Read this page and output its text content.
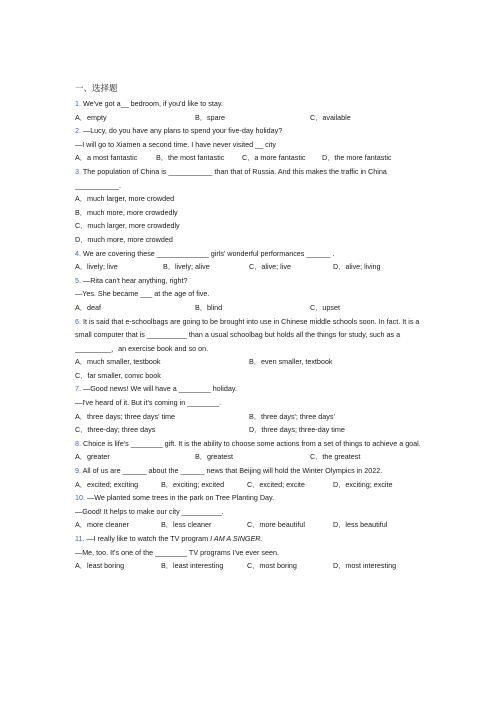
一、选择题
1. We've got a__ bedroom, if you'd like to stay.
A．empty	B．spare	C．available
2. —Lucy, do you have any plans to spend your five-day holiday?
—I will go to Xiamen a second time. I have never visited __ city
A．a most fantastic	B．the most fantastic	C．a more fantastic	D．the more fantastic
3. The population of China is ___________ than that of Russia. And this makes the traffic in China ___________.
A．much larger, more crowded
B．much more, more crowdedly
C．much larger, more crowdedly
D．much more, more crowded
4. We are covering these _____________ girls' wonderful performances ______ .
A．lively; live	B．lively; alive	C．alive; live	D．alive; living
5. —Rita can't hear anything, right?
—Yes. She became ___ at the age of five.
A．deaf	B．blind	C．upset
6. It is said that e-schoolbags are going to be brought into use in Chinese middle schools soon. In fact. It is a small computer that is __________ than a usual schoolbag but holds all the things for study, such as a _________，an exercise book and so on.
A．much smaller, testbook	B．even smaller, textbook
C．far smaller, comic book
7. —Good news! We will have a ________ holiday.
—I've heard of it. But it's coming in ________.
A．three days; three days' time	B．three days'; three days'
C．three-day; three days	D．three days; three-day time
8. Choice is life's ________ gift. It is the ability to choose some actions from a set of things to achieve a goal.
A．greater	B．greatest	C．the greatest
9. All of us are ______ about the ______ news that Beijing will hold the Winter Olympics in 2022.
A．excited; exciting	B．exciting; excited	C．excited; excite	D．exciting; excite
10. —We planted some trees in the park on Tree Planting Day.
—Good! It helps to make our city __________.
A．more cleaner	B．less cleaner	C．more beautiful	D．less beautiful
11. —I really like to watch the TV program I AM A SINGER.
—Me, too. It's one of the ________ TV programs I've ever seen.
A．least boring	B．least interesting	C．most boring	D．most interesting
